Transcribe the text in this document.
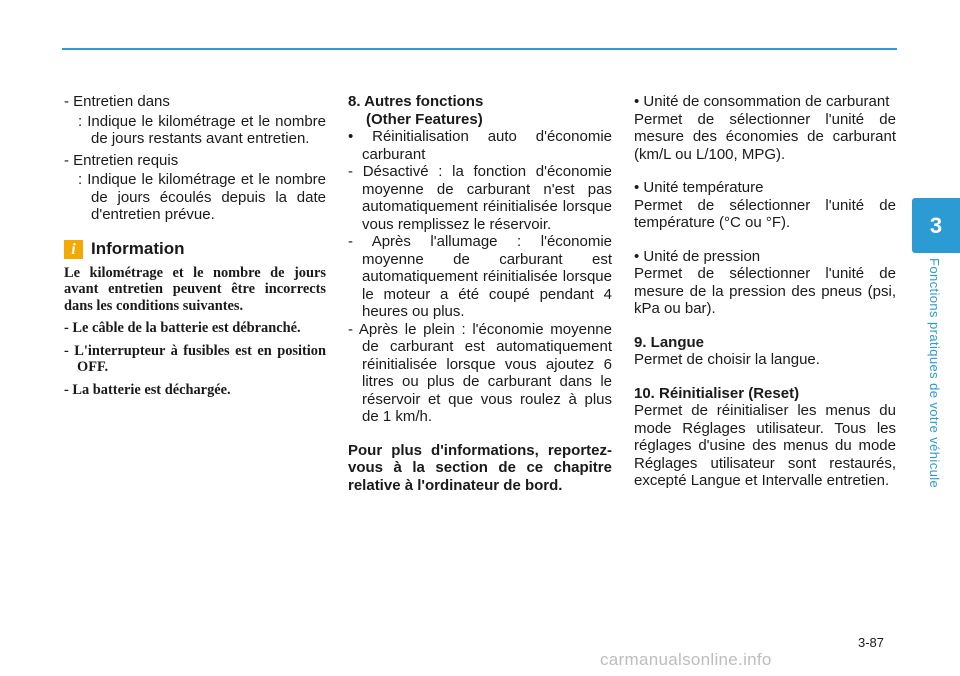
- Entretien dans

: Indique le kilométrage et le nombre de jours restants avant entretien.

- Entretien requis

: Indique le kilométrage et le nombre de jours écoulés depuis la date d'entretien prévue.

i Information

Le kilométrage et le nombre de jours avant entretien peuvent être incorrects dans les conditions suivantes.

- Le câble de la batterie est débranché.

- L'interrupteur à fusibles est en position OFF.

- La batterie est déchargée.

8. Autres fonctions

(Other Features)

• Réinitialisation auto d'économie carburant

- Désactivé : la fonction d'économie moyenne de carburant n'est pas automatiquement réinitialisée lorsque vous remplissez le réservoir.

- Après l'allumage : l'économie moyenne de carburant est automatiquement réinitialisée lorsque le moteur a été coupé pendant 4 heures ou plus.

- Après le plein : l'économie moyenne de carburant est automatiquement réinitialisée lorsque vous ajoutez 6 litres ou plus de carburant dans le réservoir et que vous roulez à plus de 1 km/h.

Pour plus d'informations, reportez-vous à la section de ce chapitre relative à l'ordinateur de bord.

• Unité de consommation de carburant

Permet de sélectionner l'unité de mesure des économies de carburant (km/L ou L/100, MPG).

• Unité température

Permet de sélectionner l'unité de température (°C ou °F).

• Unité de pression

Permet de sélectionner l'unité de mesure de la pression des pneus (psi, kPa ou bar).

9. Langue

Permet de choisir la langue.

10. Réinitialiser (Reset)

Permet de réinitialiser les menus du mode Réglages utilisateur. Tous les réglages d'usine des menus du mode Réglages utilisateur sont restaurés, excepté Langue et Intervalle entretien.

3
Fonctions pratiques de votre véhicule
3-87
carmanualsonline.info
